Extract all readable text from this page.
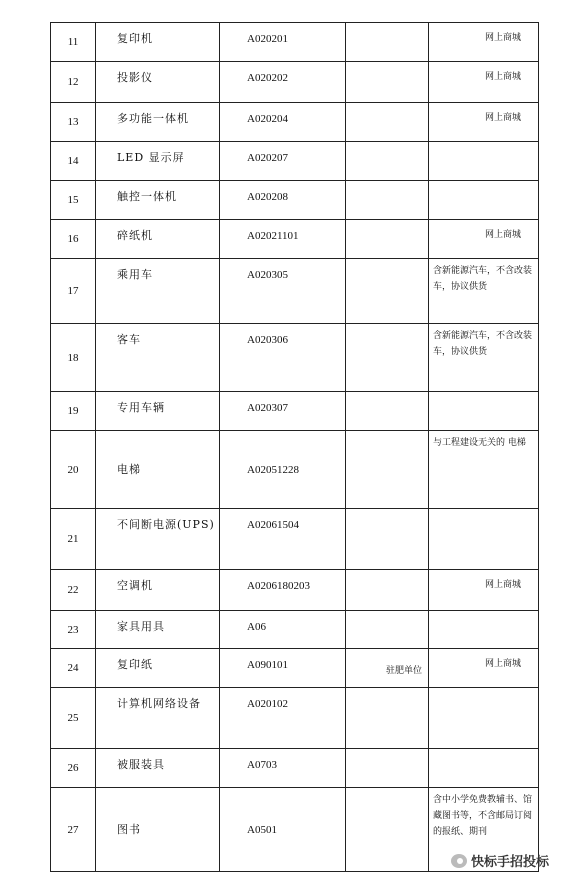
11	复印机	A020201		网上商城

12	投影仪	A020202		网上商城

13	多功能一体机	A020204		网上商城

14	LED 显示屏	A020207		

15	触控一体机	A020208		

16	碎纸机	A02021101		网上商城

17	乘用车	A020305		含新能源汽车，不含改装车，协议供货
18	客车	A020306		含新能源汽车，不含改装车，协议供货
19	专用车辆	A020307		

20	电梯	A02051228		与工程建设无关的 电梯
21	不间断电源(UPS)	A02061504		

22	空调机	A0206180203		网上商城

23	家具用具	A06		

24	复印纸	A090101	驻肥单位	网上商城

25	计算机网络设备	A020102		

26	被服装具	A0703		

27	图书	A0501		含中小学免费教辅书、馆藏图书等，不含邮局订阅的报纸、期刊
快标手招投标
